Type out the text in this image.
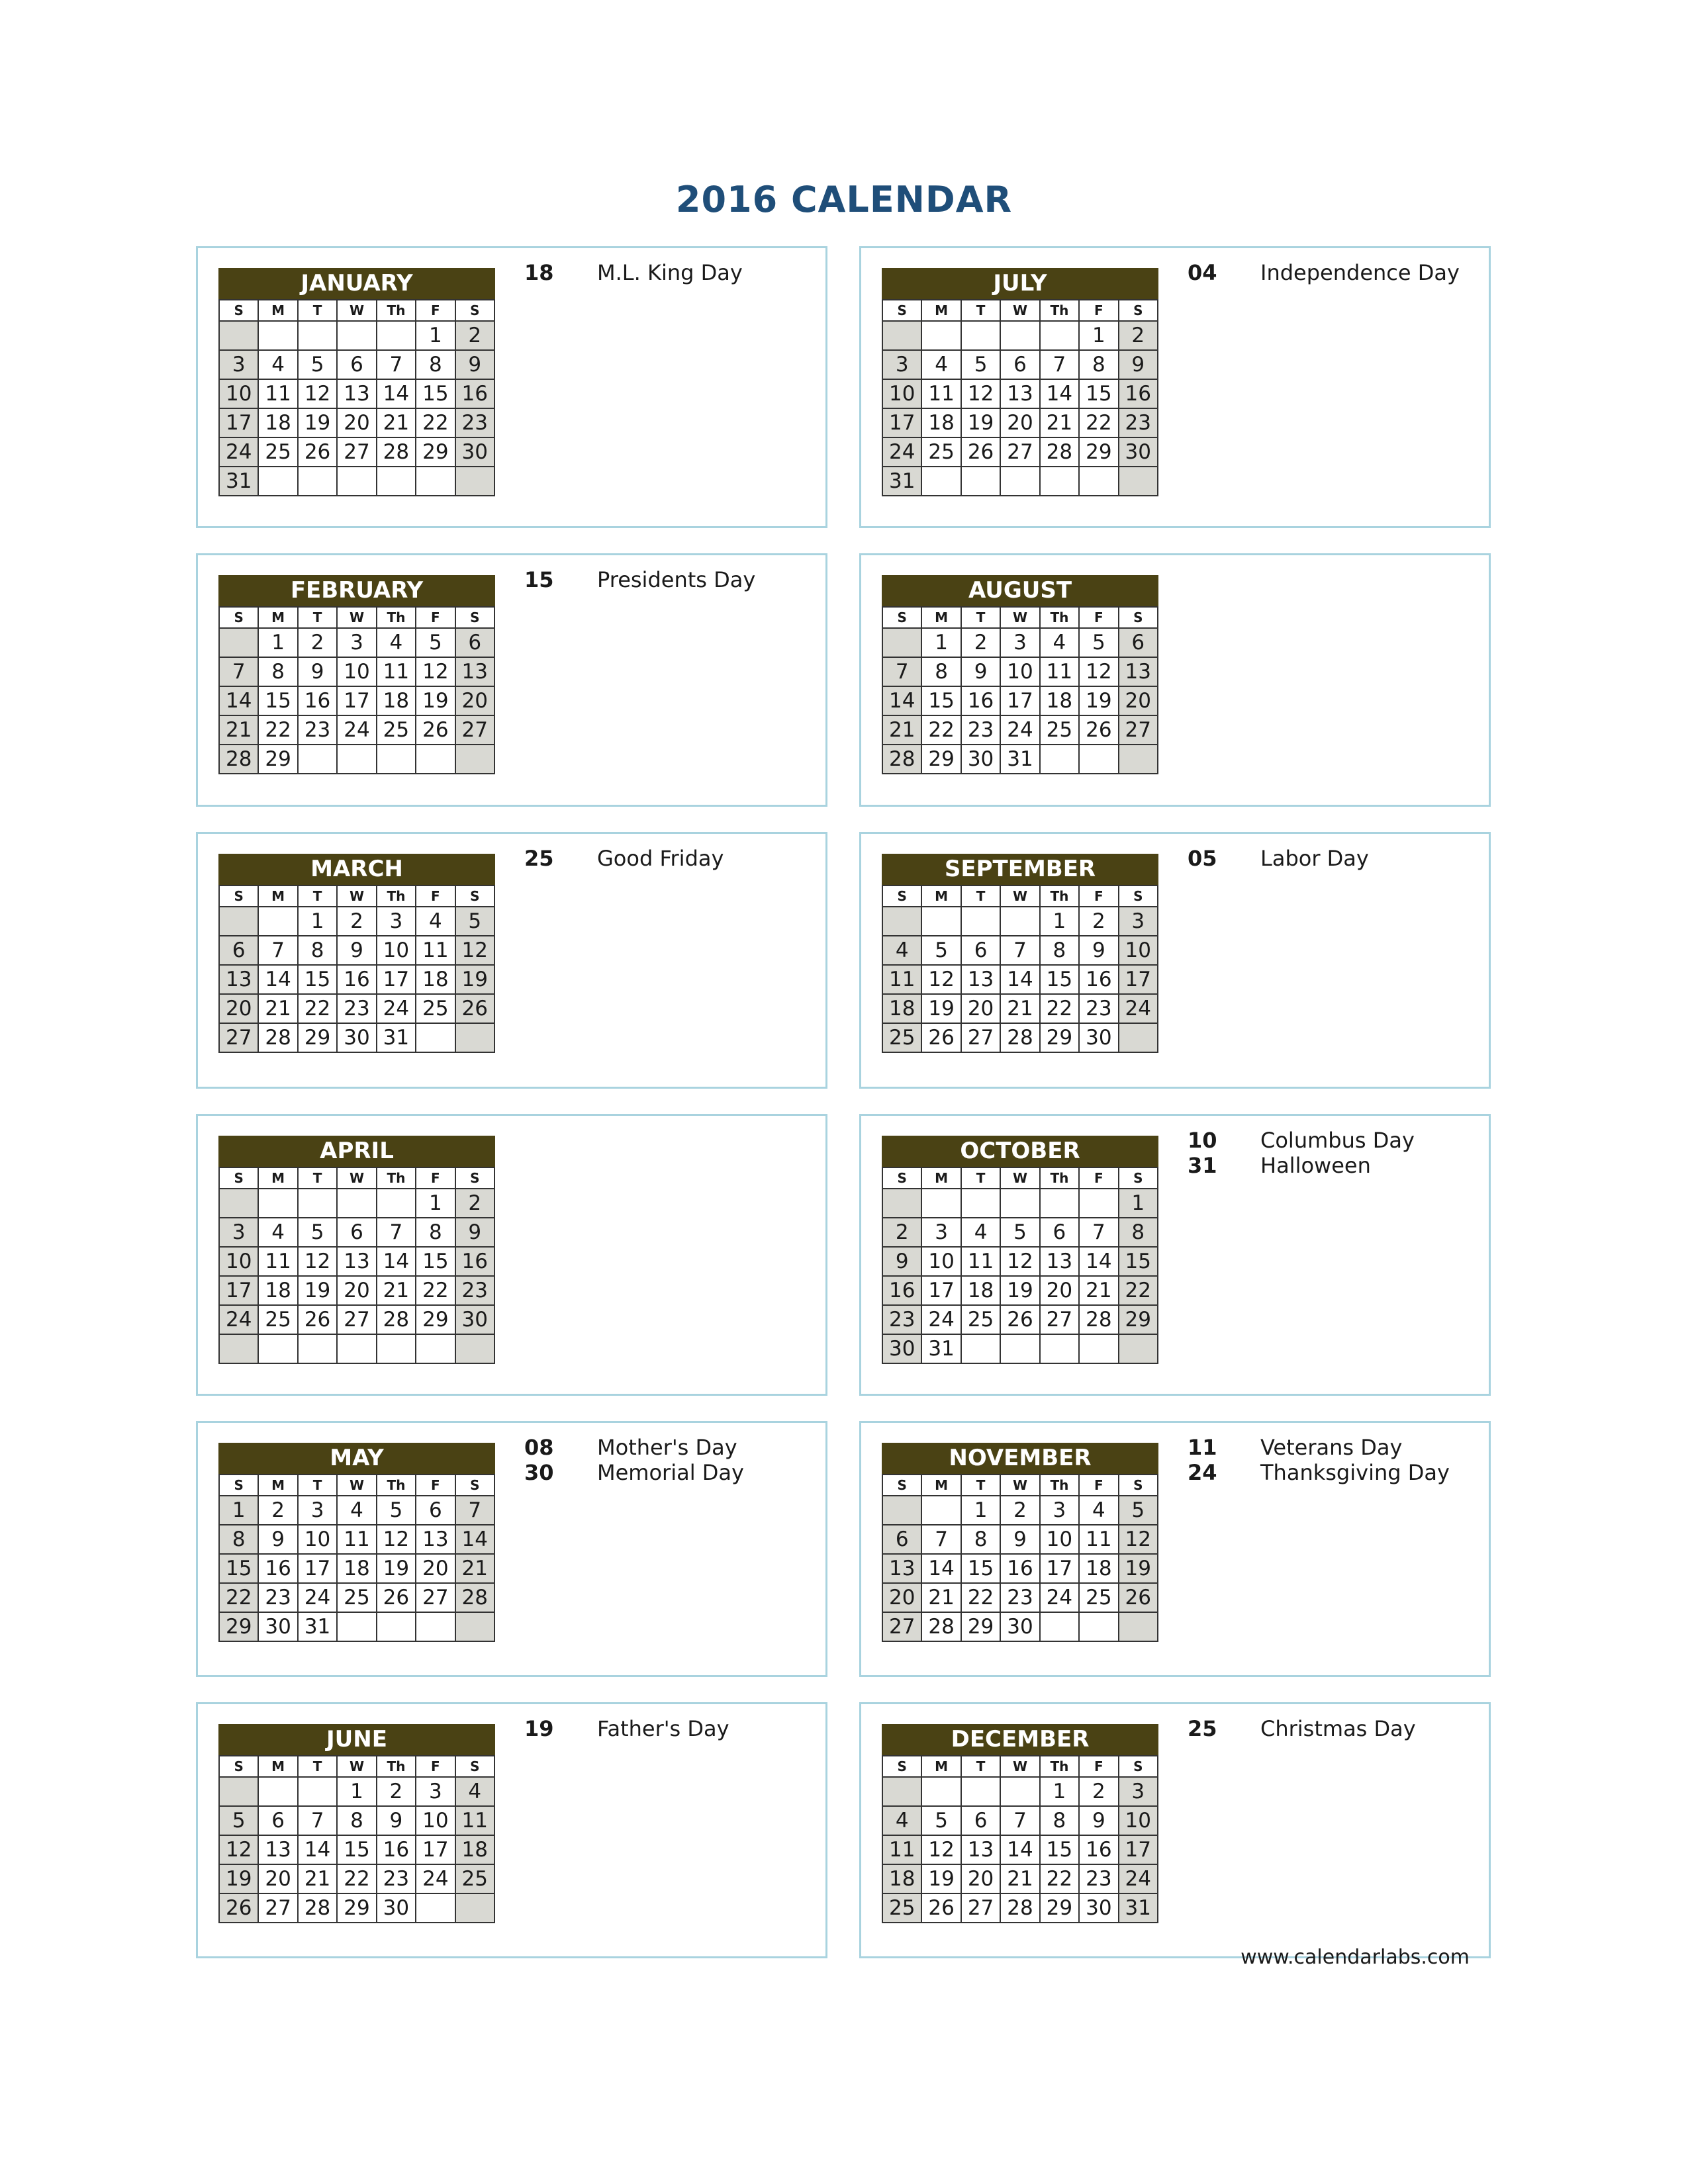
2016 CALENDAR
JANUARY
S	M	T	W	Th	F	S
					1	2
3	4	5	6	7	8	9
10	11	12	13	14	15	16
17	18	19	20	21	22	23
24	25	26	27	28	29	30
31						
18	M.L. King Day	JULY
S	M	T	W	Th	F	S
					1	2
3	4	5	6	7	8	9
10	11	12	13	14	15	16
17	18	19	20	21	22	23
24	25	26	27	28	29	30
31						
04	Independence Day
FEBRUARY
S	M	T	W	Th	F	S
	1	2	3	4	5	6
7	8	9	10	11	12	13
14	15	16	17	18	19	20
21	22	23	24	25	26	27
28	29					
15	Presidents Day	AUGUST
S	M	T	W	Th	F	S
	1	2	3	4	5	6
7	8	9	10	11	12	13
14	15	16	17	18	19	20
21	22	23	24	25	26	27
28	29	30	31			
MARCH
S	M	T	W	Th	F	S
		1	2	3	4	5
6	7	8	9	10	11	12
13	14	15	16	17	18	19
20	21	22	23	24	25	26
27	28	29	30	31		
25	Good Friday	SEPTEMBER
S	M	T	W	Th	F	S
				1	2	3
4	5	6	7	8	9	10
11	12	13	14	15	16	17
18	19	20	21	22	23	24
25	26	27	28	29	30	
05	Labor Day
APRIL
S	M	T	W	Th	F	S
					1	2
3	4	5	6	7	8	9
10	11	12	13	14	15	16
17	18	19	20	21	22	23
24	25	26	27	28	29	30

OCTOBER
S	M	T	W	Th	F	S
						1
2	3	4	5	6	7	8
9	10	11	12	13	14	15
16	17	18	19	20	21	22
23	24	25	26	27	28	29
30	31					
10	Columbus Day
31	Halloween
MAY
S	M	T	W	Th	F	S
1	2	3	4	5	6	7
8	9	10	11	12	13	14
15	16	17	18	19	20	21
22	23	24	25	26	27	28
29	30	31				
08	Mother's Day
30	Memorial Day
NOVEMBER
S	M	T	W	Th	F	S
		1	2	3	4	5
6	7	8	9	10	11	12
13	14	15	16	17	18	19
20	21	22	23	24	25	26
27	28	29	30			
11	Veterans Day
24	Thanksgiving Day
JUNE
S	M	T	W	Th	F	S
			1	2	3	4
5	6	7	8	9	10	11
12	13	14	15	16	17	18
19	20	21	22	23	24	25
26	27	28	29	30		
19	Father's Day	DECEMBER
S	M	T	W	Th	F	S
				1	2	3
4	5	6	7	8	9	10
11	12	13	14	15	16	17
18	19	20	21	22	23	24
25	26	27	28	29	30	31
25	Christmas Day
www.calendarlabs.com
